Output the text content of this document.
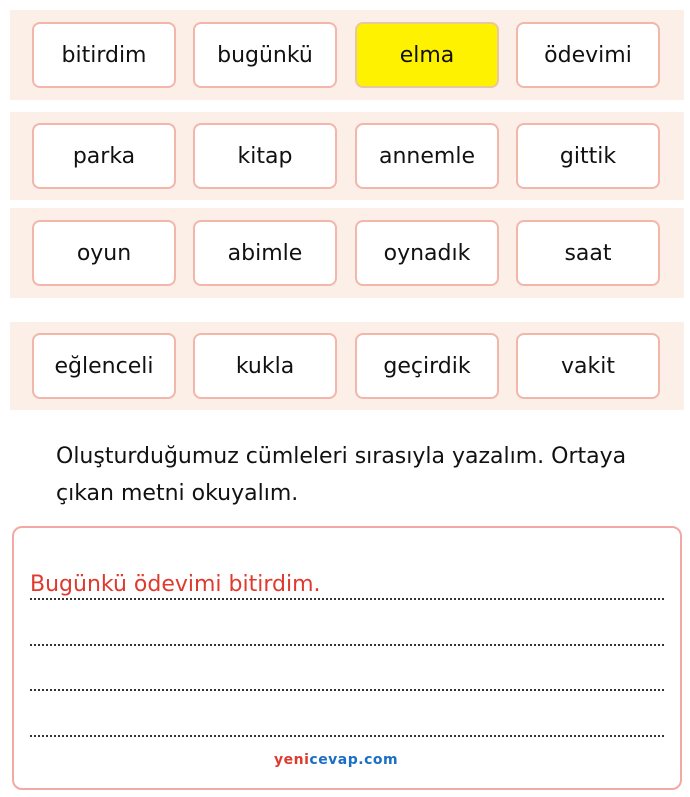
bitirdim	bugünkü	elma	ödevimi
parka	kitap	annemle	gittik
oyun	abimle	oynadık	saat
eğlenceli	kukla	geçirdik	vakit
Oluşturduğumuz cümleleri sırasıyla yazalım. Ortaya çıkan metni okuyalım.
Bugünkü ödevimi bitirdim.
yenicevap.com
